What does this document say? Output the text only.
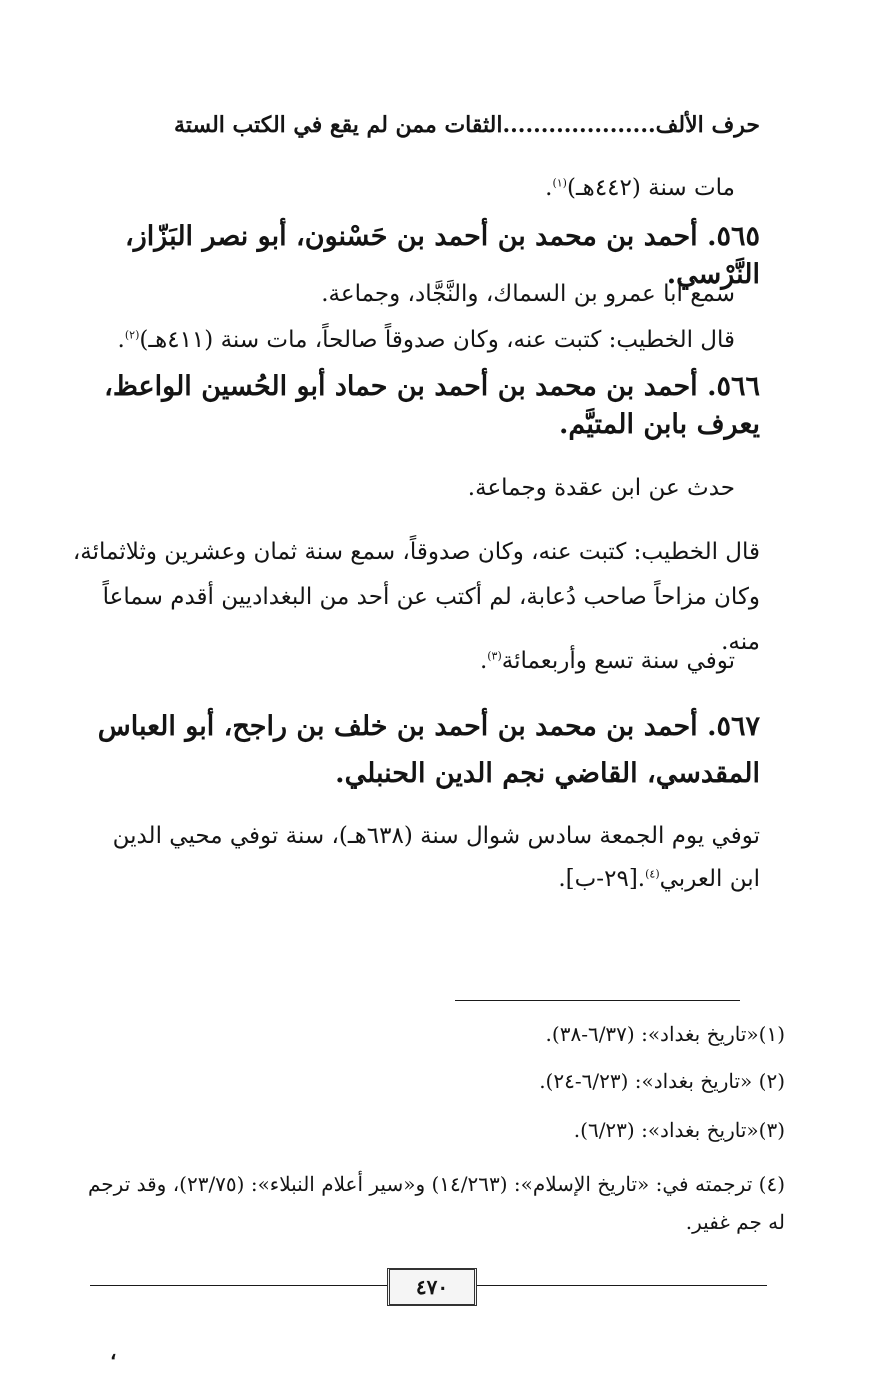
حرف الألف....................الثقات ممن لم يقع في الكتب الستة
مات سنة (٤٤٢هـ)$^{(١)}$.
٥٦٥. أحمد بن محمد بن أحمد بن حَسْنون، أبو نصر البَزّاز، النَّرْسي.
سمع أبا عمرو بن السماك، والنَّجَّاد، وجماعة.
قال الخطيب: كتبت عنه، وكان صدوقاً صالحاً، مات سنة (٤١١هـ)$^{(٢)}$.
٥٦٦. أحمد بن محمد بن أحمد بن حماد أبو الحُسين الواعظ، يعرف بابن المتيَّم.
حدث عن ابن عقدة وجماعة.
قال الخطيب: كتبت عنه، وكان صدوقاً، سمع سنة ثمان وعشرين وثلاثمائة، وكان مزاحاً صاحب دُعابة، لم أكتب عن أحد من البغداديين أقدم سماعاً منه.
توفي سنة تسع وأربعمائة$^{(٣)}$.
٥٦٧. أحمد بن محمد بن أحمد بن خلف بن راجح، أبو العباس المقدسي، القاضي نجم الدين الحنبلي.
توفي يوم الجمعة سادس شوال سنة (٦٣٨هـ)، سنة توفي محيي الدين ابن العربي$^{(٤)}$.[٢٩-ب].
(١)«تاريخ بغداد»: (٦/٣٧-٣٨).
(٢) «تاريخ بغداد»: (٦/٢٣-٢٤).
(٣)«تاريخ بغداد»: (٦/٢٣).
(٤) ترجمته في: «تاريخ الإسلام»: (١٤/٢٦٣) و«سير أعلام النبلاء»: (٢٣/٧٥)، وقد ترجم له جم غفير.
٤٧٠
،
